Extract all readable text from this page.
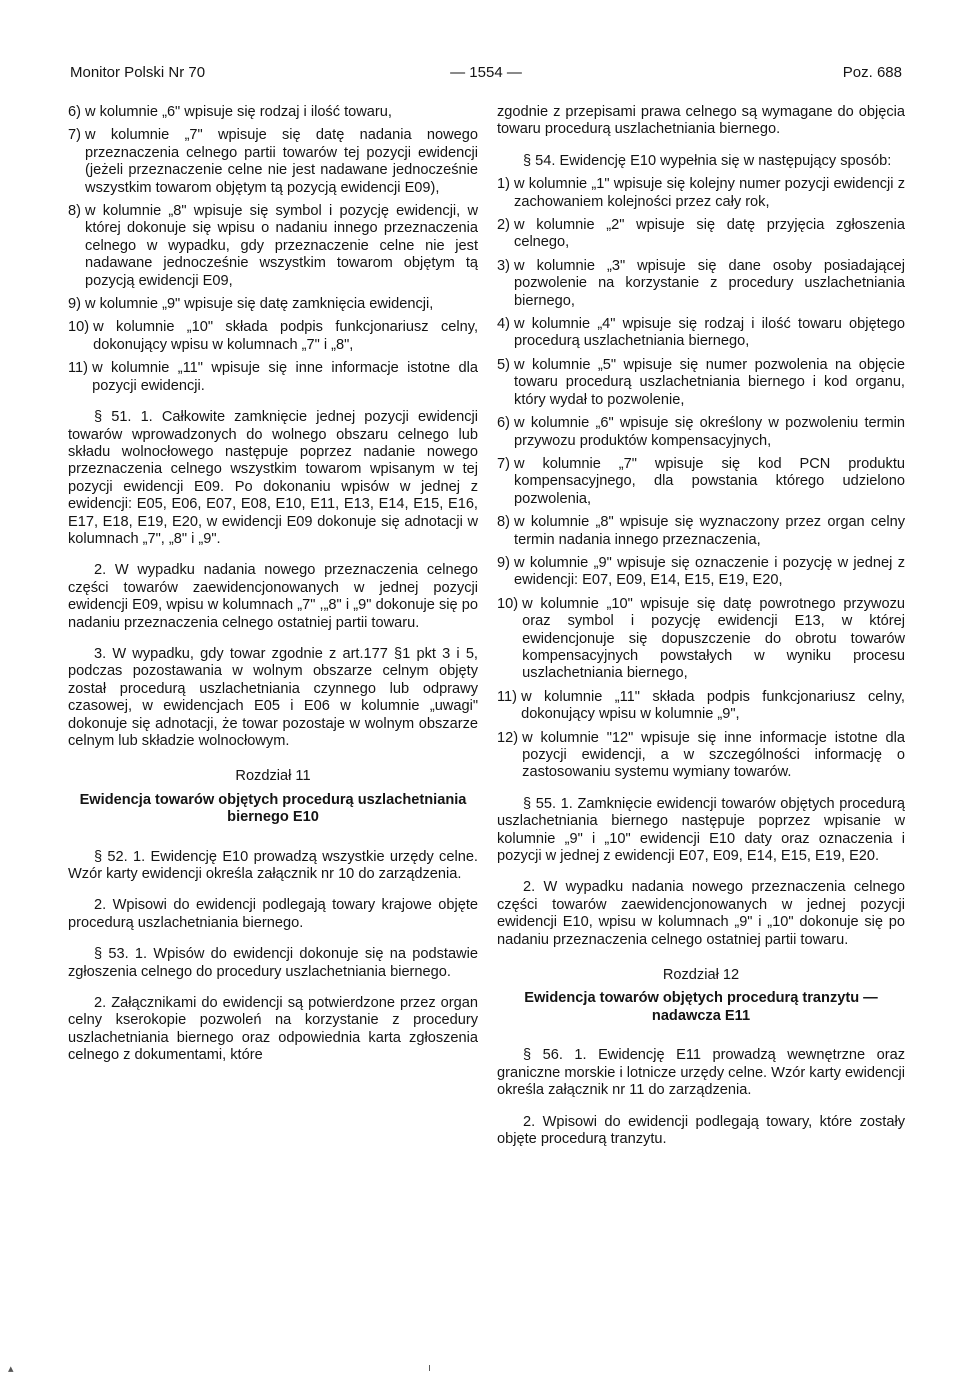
Monitor Polski Nr 70	— 1554 —	Poz. 688
6) w kolumnie „6" wpisuje się rodzaj i ilość towaru,
7) w kolumnie „7" wpisuje się datę nadania nowego przeznaczenia celnego partii towarów tej pozycji ewidencji (jeżeli przeznaczenie celne nie jest nadawane jednocześnie wszystkim towarom objętym tą pozycją ewidencji E09),
8) w kolumnie „8" wpisuje się symbol i pozycję ewidencji, w której dokonuje się wpisu o nadaniu innego przeznaczenia celnego w wypadku, gdy przeznaczenie celne nie jest nadawane jednocześnie wszystkim towarom objętym tą pozycją ewidencji E09,
9) w kolumnie „9" wpisuje się datę zamknięcia ewidencji,
10) w kolumnie „10" składa podpis funkcjonariusz celny, dokonujący wpisu w kolumnach „7" i „8",
11) w kolumnie „11" wpisuje się inne informacje istotne dla pozycji ewidencji.

§ 51. 1. Całkowite zamknięcie jednej pozycji ewidencji towarów wprowadzonych do wolnego obszaru celnego lub składu wolnocłowego następuje poprzez nadanie nowego przeznaczenia celnego wszystkim towarom wpisanym w tej pozycji ewidencji E09. Po dokonaniu wpisów w jednej z ewidencji: E05, E06, E07, E08, E10, E11, E13, E14, E15, E16, E17, E18, E19, E20, w ewidencji E09 dokonuje się adnotacji w kolumnach „7", „8" i „9".

2. W wypadku nadania nowego przeznaczenia celnego części towarów zaewidencjonowanych w jednej pozycji ewidencji E09, wpisu w kolumnach „7" ,„8" i „9" dokonuje się po nadaniu przeznaczenia celnego ostatniej partii towaru.

3. W wypadku, gdy towar zgodnie z art.177 §1 pkt 3 i 5, podczas pozostawania w wolnym obszarze celnym objęty został procedurą uszlachetniania czynnego lub odprawy czasowej, w ewidencjach E05 i E06 w kolumnie „uwagi" dokonuje się adnotacji, że towar pozostaje w wolnym obszarze celnym lub składzie wolnocłowym.

Rozdział 11
Ewidencja towarów objętych procedurą uszlachetniania biernego E10

§ 52. 1. Ewidencję E10 prowadzą wszystkie urzędy celne. Wzór karty ewidencji określa załącznik nr 10 do zarządzenia.

2. Wpisowi do ewidencji podlegają towary krajowe objęte procedurą uszlachetniania biernego.

§ 53. 1. Wpisów do ewidencji dokonuje się na podstawie zgłoszenia celnego do procedury uszlachetniania biernego.

2. Załącznikami do ewidencji są potwierdzone przez organ celny kserokopie pozwoleń na korzystanie z procedury uszlachetniania biernego oraz odpowiednia karta zgłoszenia celnego z dokumentami, które

zgodnie z przepisami prawa celnego są wymagane do objęcia towaru procedurą uszlachetniania biernego.

§ 54. Ewidencję E10 wypełnia się w następujący sposób:

1) w kolumnie „1" wpisuje się kolejny numer pozycji ewidencji z zachowaniem kolejności przez cały rok,
2) w kolumnie „2" wpisuje się datę przyjęcia zgłoszenia celnego,
3) w kolumnie „3" wpisuje się dane osoby posiadającej pozwolenie na korzystanie z procedury uszlachetniania biernego,
4) w kolumnie „4" wpisuje się rodzaj i ilość towaru objętego procedurą uszlachetniania biernego,
5) w kolumnie „5" wpisuje się numer pozwolenia na objęcie towaru procedurą uszlachetniania biernego i kod organu, który wydał to pozwolenie,
6) w kolumnie „6" wpisuje się określony w pozwoleniu termin przywozu produktów kompensacyjnych,
7) w kolumnie „7" wpisuje się kod PCN produktu kompensacyjnego, dla powstania którego udzielono pozwolenia,
8) w kolumnie „8" wpisuje się wyznaczony przez organ celny termin nadania innego przeznaczenia,
9) w kolumnie „9" wpisuje się oznaczenie i pozycję w jednej z ewidencji: E07, E09, E14, E15, E19, E20,
10) w kolumnie „10" wpisuje się datę powrotnego przywozu oraz symbol i pozycję ewidencji E13, w której ewidencjonuje się dopuszczenie do obrotu towarów kompensacyjnych powstałych w wyniku procesu uszlachetniania biernego,
11) w kolumnie „11" składa podpis funkcjonariusz celny, dokonujący wpisu w kolumnie „9",
12) w kolumnie "12" wpisuje się inne informacje istotne dla pozycji ewidencji, a w szczególności informację o zastosowaniu systemu wymiany towarów.

§ 55. 1. Zamknięcie ewidencji towarów objętych procedurą uszlachetniania biernego następuje poprzez wpisanie w kolumnie „9" i „10" ewidencji E10 daty oraz oznaczenia i pozycji w jednej z ewidencji E07, E09, E14, E15, E19, E20.

2. W wypadku nadania nowego przeznaczenia celnego części towarów zaewidencjonowanych w jednej pozycji ewidencji E10, wpisu w kolumnach „9" i „10" dokonuje się po nadaniu przeznaczenia celnego ostatniej partii towaru.

Rozdział 12
Ewidencja towarów objętych procedurą tranzytu — nadawcza E11

§ 56. 1. Ewidencję E11 prowadzą wewnętrzne oraz graniczne morskie i lotnicze urzędy celne. Wzór karty ewidencji określa załącznik nr 11 do zarządzenia.

2. Wpisowi do ewidencji podlegają towary, które zostały objęte procedurą tranzytu.

▴	ı
